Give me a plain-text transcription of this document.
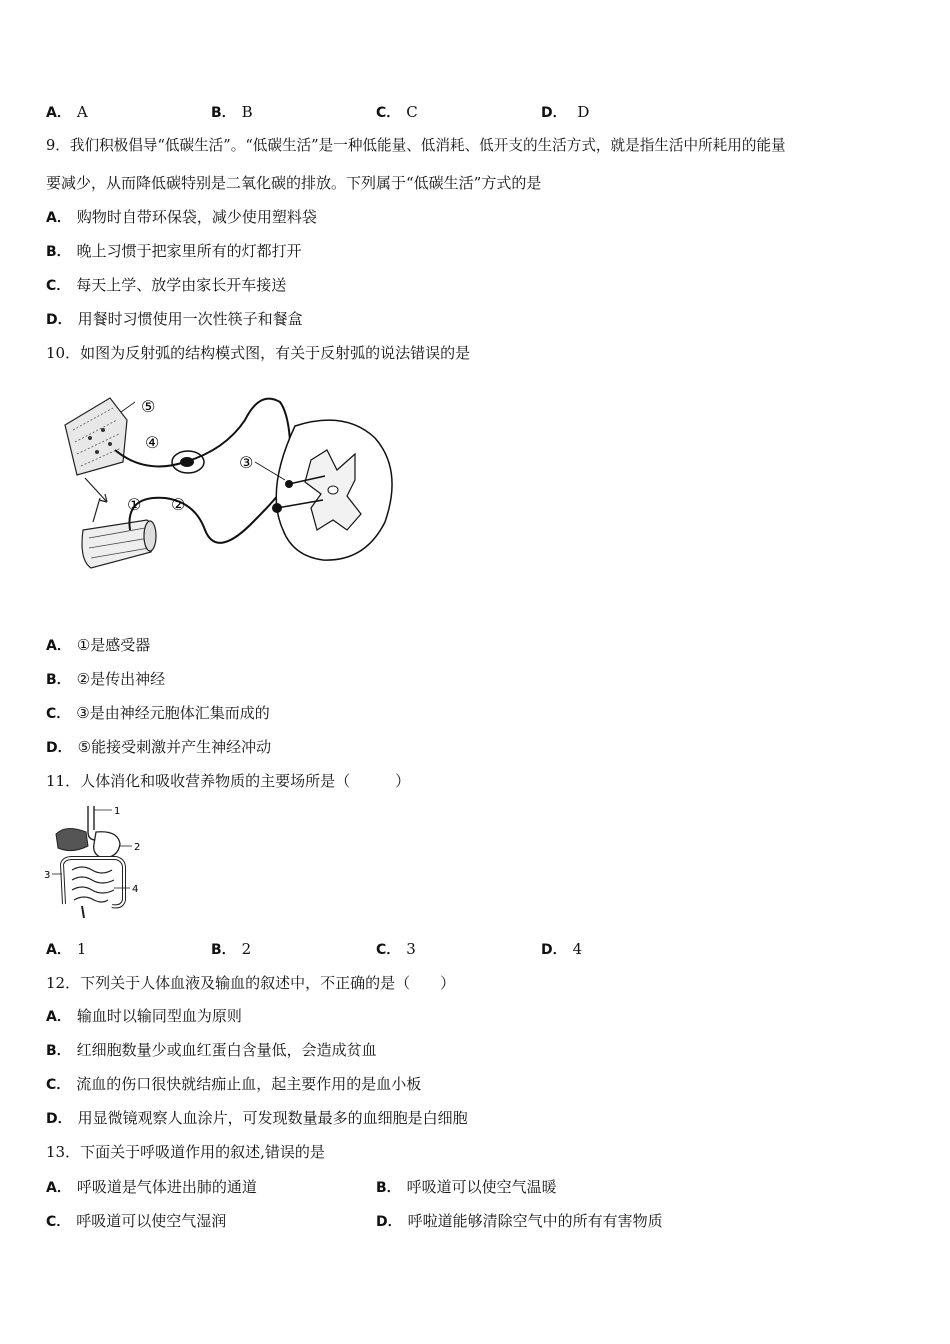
A． A	B． B	C． C	D． D
9．我们积极倡导“低碳生活”。“低碳生活”是一种低能量、低消耗、低开支的生活方式，就是指生活中所耗用的能量
要减少，从而降低碳特别是二氧化碳的排放。下列属于“低碳生活”方式的是
A． 购物时自带环保袋，减少使用塑料袋
B． 晚上习惯于把家里所有的灯都打开
C． 每天上学、放学由家长开车接送
D． 用餐时习惯使用一次性筷子和餐盒
10．如图为反射弧的结构模式图，有关于反射弧的说法错误的是
⑤
④
③
① ②
A． ①是感受器
B． ②是传出神经
C． ③是由神经元胞体汇集而成的
D． ⑤能接受刺激并产生神经冲动
11．人体消化和吸收营养物质的主要场所是（　　　）
1
2
3
4
A． 1	B． 2	C． 3	D． 4
12．下列关于人体血液及输血的叙述中，不正确的是（　　）
A． 输血时以输同型血为原则
B． 红细胞数量少或血红蛋白含量低，会造成贫血
C． 流血的伤口很快就结痂止血，起主要作用的是血小板
D． 用显微镜观察人血涂片，可发现数量最多的血细胞是白细胞
13．下面关于呼吸道作用的叙述,错误的是
A． 呼吸道是气体进出肺的通道	B． 呼吸道可以使空气温暖
C． 呼吸道可以使空气湿润	D． 呼啦道能够清除空气中的所有有害物质
